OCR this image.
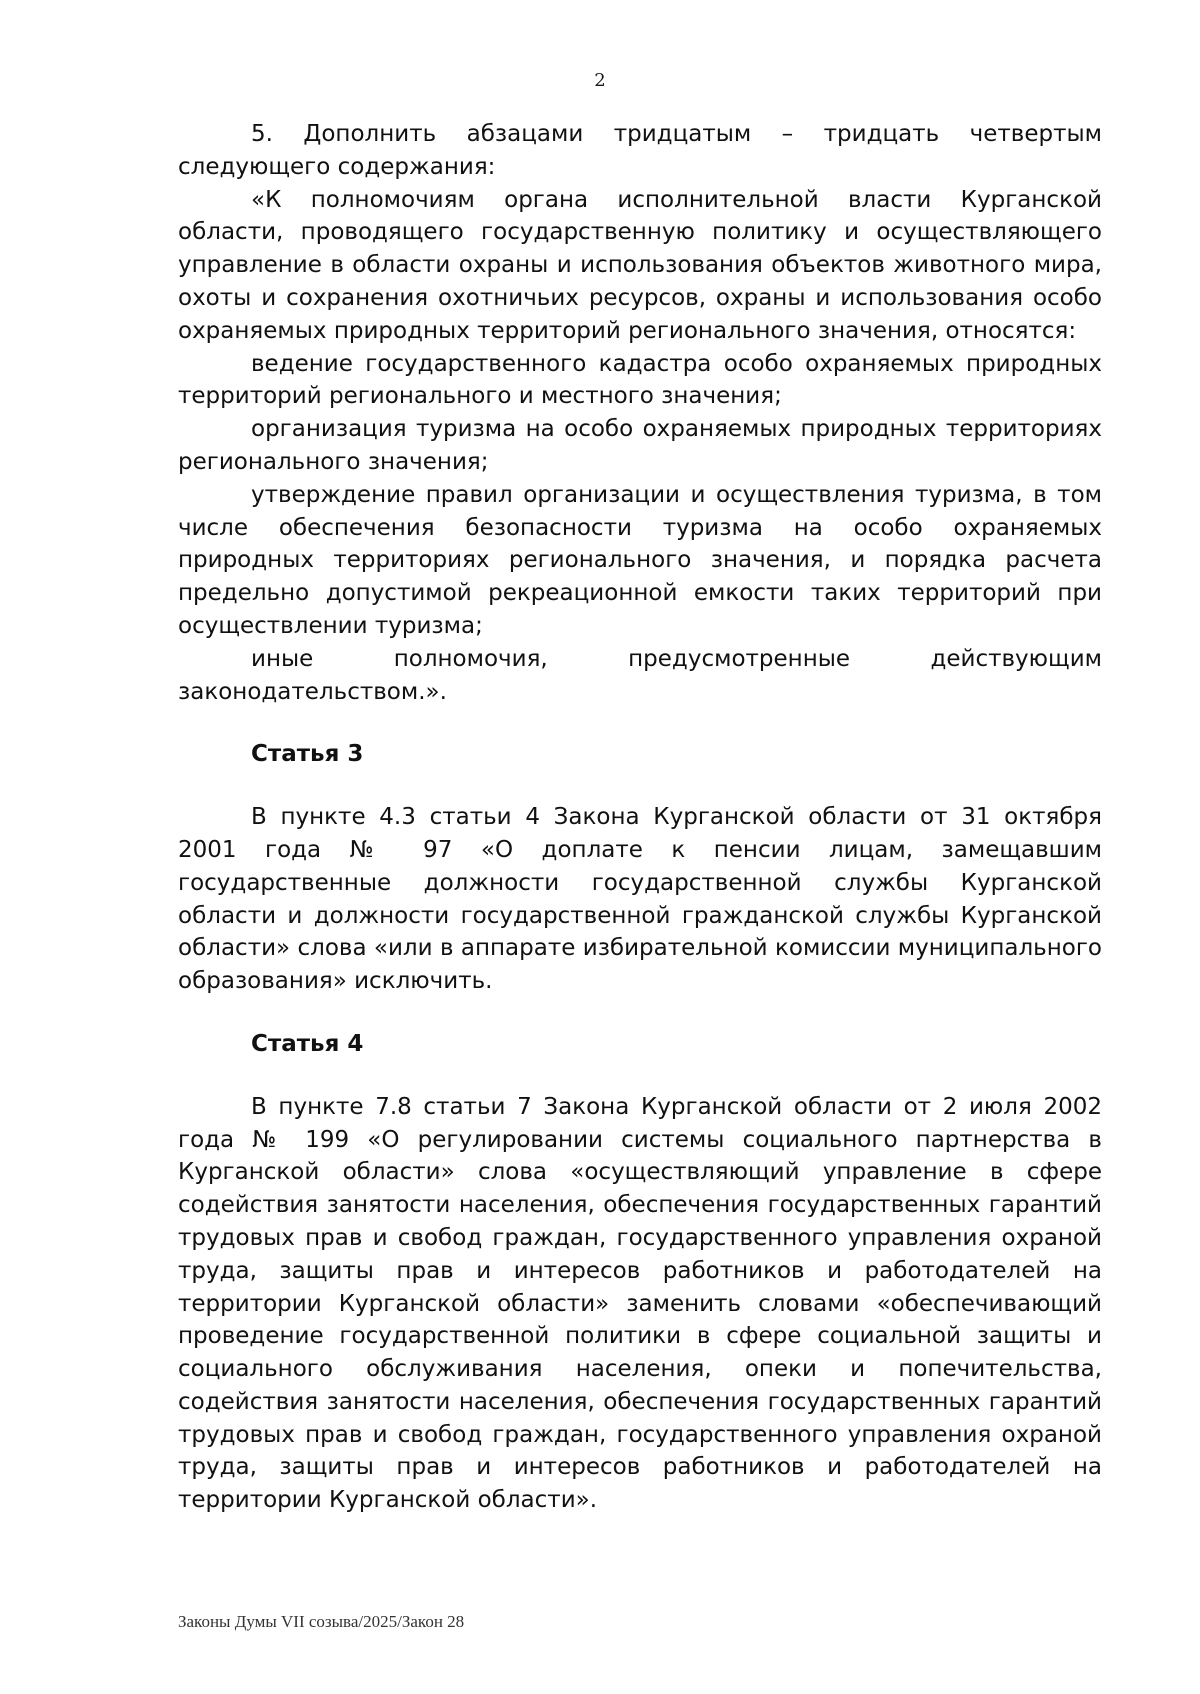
2

5. Дополнить абзацами тридцатым – тридцать четвертым следующего содержания:

«К полномочиям органа исполнительной власти Курганской области, проводящего государственную политику и осуществляющего управление в области охраны и использования объектов животного мира, охоты и сохранения охотничьих ресурсов, охраны и использования особо охраняемых природных территорий регионального значения, относятся:

ведение государственного кадастра особо охраняемых природных территорий регионального и местного значения;

организация туризма на особо охраняемых природных территориях регионального значения;

утверждение правил организации и осуществления туризма, в том числе обеспечения безопасности туризма на особо охраняемых природных территориях регионального значения, и порядка расчета предельно допустимой рекреационной емкости таких территорий при осуществлении туризма;

иные полномочия, предусмотренные действующим законодательством.».

Статья 3

В пункте 4.3 статьи 4 Закона Курганской области от 31 октября 2001 года № 97 «О доплате к пенсии лицам, замещавшим государственные должности государственной службы Курганской области и должности государственной гражданской службы Курганской области» слова «или в аппарате избирательной комиссии муниципального образования» исключить.

Статья 4

В пункте 7.8 статьи 7 Закона Курганской области от 2 июля 2002 года № 199 «О регулировании системы социального партнерства в Курганской области» слова «осуществляющий управление в сфере содействия занятости населения, обеспечения государственных гарантий трудовых прав и свобод граждан, государственного управления охраной труда, защиты прав и интересов работников и работодателей на территории Курганской области» заменить словами «обеспечивающий проведение государственной политики в сфере социальной защиты и социального обслуживания населения, опеки и попечительства, содействия занятости населения, обеспечения государственных гарантий трудовых прав и свобод граждан, государственного управления охраной труда, защиты прав и интересов работников и работодателей на территории Курганской области».

Законы Думы VII созыва/2025/Закон 28
